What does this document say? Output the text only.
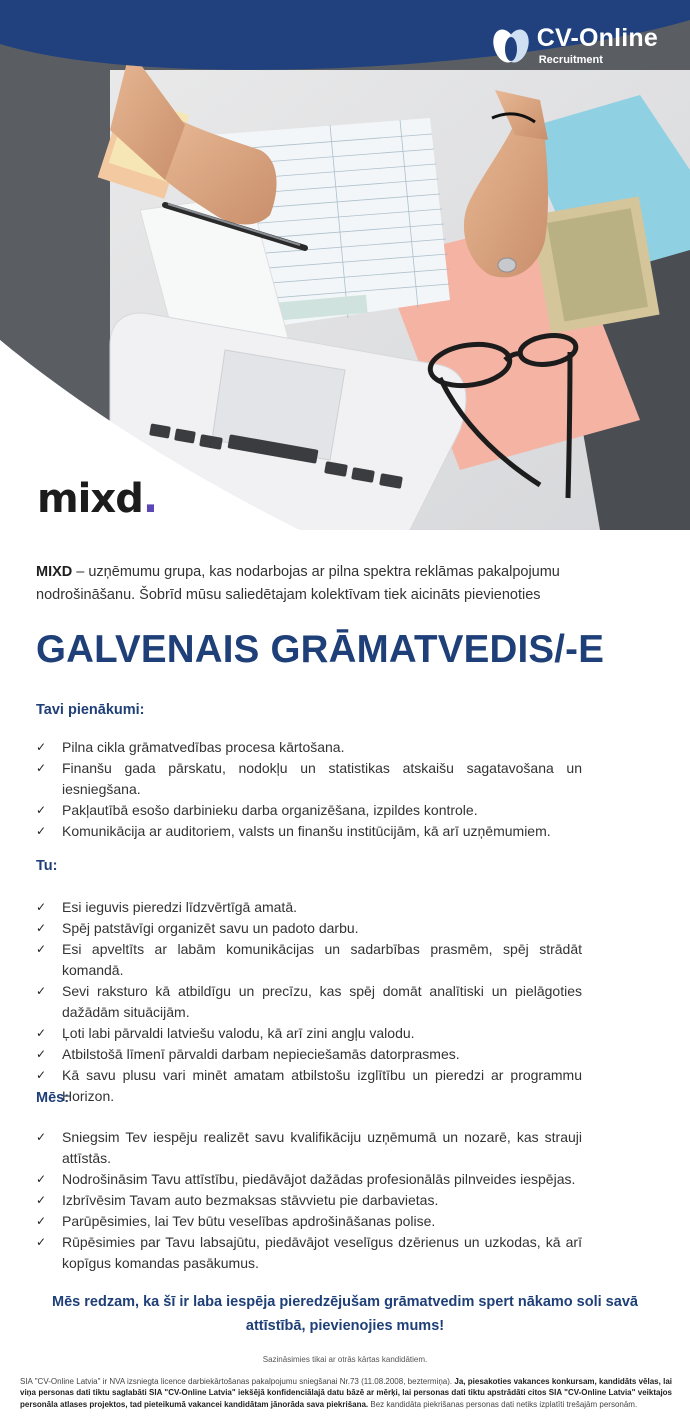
CV-Online
Recruitment
mixd.

MIXD – uzņēmumu grupa, kas nodarbojas ar pilna spektra reklāmas pakalpojumu nodrošināšanu. Šobrīd mūsu saliedētajam kolektīvam tiek aicināts pievienoties

GALVENAIS GRĀMATVEDIS/-E
Tavi pienākumi:
✓ Pilna cikla grāmatvedības procesa kārtošana.
✓ Finanšu gada pārskatu, nodokļu un statistikas atskaišu sagatavošana un iesniegšana.
✓ Pakļautībā esošo darbinieku darba organizēšana, izpildes kontrole.
✓ Komunikācija ar auditoriem, valsts un finanšu institūcijām, kā arī uzņēmumiem.
Tu:
✓ Esi ieguvis pieredzi līdzvērtīgā amatā.
✓ Spēj patstāvīgi organizēt savu un padoto darbu.
✓ Esi apveltīts ar labām komunikācijas un sadarbības prasmēm, spēj strādāt komandā.
✓ Sevi raksturo kā atbildīgu un precīzu, kas spēj domāt analītiski un pielāgoties dažādām situācijām.
✓ Ļoti labi pārvaldi latviešu valodu, kā arī zini angļu valodu.
✓ Atbilstošā līmenī pārvaldi darbam nepieciešamās datorprasmes.
✓ Kā savu plusu vari minēt amatam atbilstošu izglītību un pieredzi ar programmu Horizon.
Mēs:
✓ Sniegsim Tev iespēju realizēt savu kvalifikāciju uzņēmumā un nozarē, kas strauji attīstās.
✓ Nodrošināsim Tavu attīstību, piedāvājot dažādas profesionālās pilnveides iespējas.
✓ Izbrīvēsim Tavam auto bezmaksas stāvvietu pie darbavietas.
✓ Parūpēsimies, lai Tev būtu veselības apdrošināšanas polise.
✓ Rūpēsimies par Tavu labsajūtu, piedāvājot veselīgus dzērienus un uzkodas, kā arī kopīgus komandas pasākumus.

Mēs redzam, ka šī ir laba iespēja pieredzējušam grāmatvedim spert nākamo soli savā attīstībā, pievienojies mums!

Sazināsimies tikai ar otrās kārtas kandidātiem.

SIA "CV-Online Latvia" ir NVA izsniegta licence darbiekārtošanas pakalpojumu sniegšanai Nr.73 (11.08.2008, beztermiņa). Ja, piesakoties vakances konkursam, kandidāts vēlas, lai viņa personas dati tiktu saglabāti SIA "CV-Online Latvia" iekšējā konfidenciālajā datu bāzē ar mērķi, lai personas dati tiktu apstrādāti citos SIA "CV-Online Latvia" veiktajos personāla atlases projektos, tad pieteikumā vakancei kandidātam jānorāda sava piekrišana. Bez kandidāta piekrišanas personas dati netiks izplatīti trešajām personām.
